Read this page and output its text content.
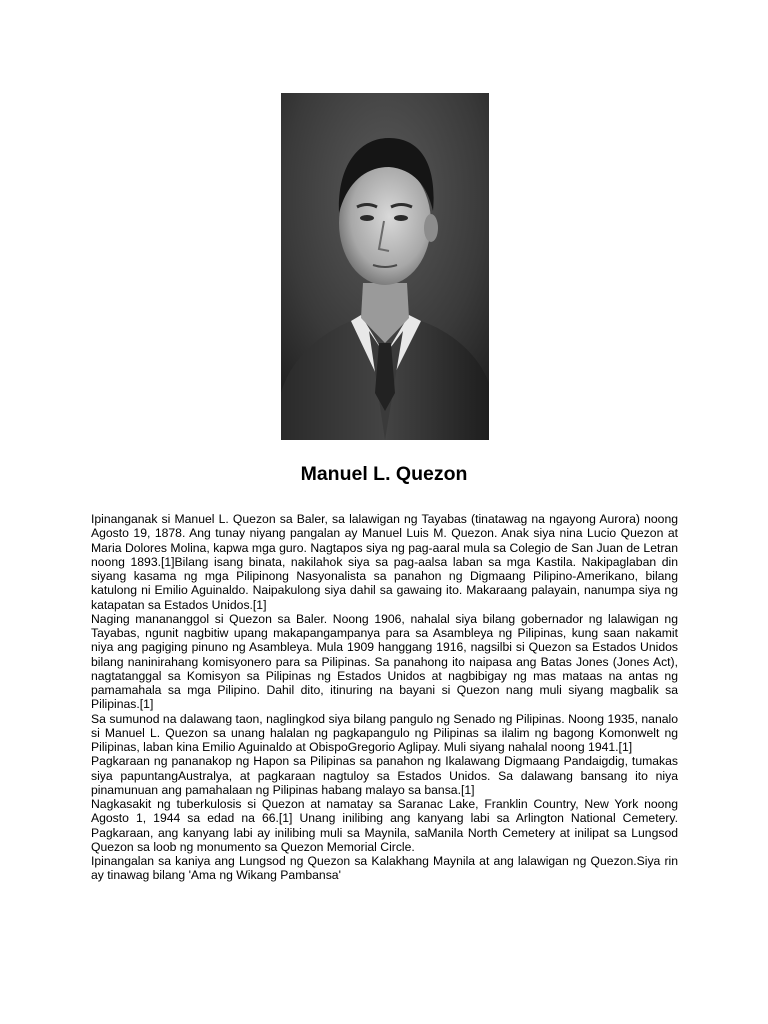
Manuel L. Quezon

Ipinanganak si Manuel L. Quezon sa Baler, sa lalawigan ng Tayabas (tinatawag na ngayong Aurora) noong Agosto 19, 1878. Ang tunay niyang pangalan ay Manuel Luis M. Quezon. Anak siya nina Lucio Quezon at Maria Dolores Molina, kapwa mga guro. Nagtapos siya ng pag-aaral mula sa Colegio de San Juan de Letran noong 1893.[1]Bilang isang binata, nakilahok siya sa pag-aalsa laban sa mga Kastila. Nakipaglaban din siyang kasama ng mga Pilipinong Nasyonalista sa panahon ng Digmaang Pilipino-Amerikano, bilang katulong ni Emilio Aguinaldo. Naipakulong siya dahil sa gawaing ito. Makaraang palayain, nanumpa siya ng katapatan sa Estados Unidos.[1]

Naging manananggol si Quezon sa Baler. Noong 1906, nahalal siya bilang gobernador ng lalawigan ng Tayabas, ngunit nagbitiw upang makapangampanya para sa Asambleya ng Pilipinas, kung saan nakamit niya ang pagiging pinuno ng Asambleya. Mula 1909 hanggang 1916, nagsilbi si Quezon sa Estados Unidos bilang naninirahang komisyonero para sa Pilipinas. Sa panahong ito naipasa ang Batas Jones (Jones Act), nagtatanggal sa Komisyon sa Pilipinas ng Estados Unidos at nagbibigay ng mas mataas na antas ng pamamahala sa mga Pilipino. Dahil dito, itinuring na bayani si Quezon nang muli siyang magbalik sa Pilipinas.[1]

Sa sumunod na dalawang taon, naglingkod siya bilang pangulo ng Senado ng Pilipinas. Noong 1935, nanalo si Manuel L. Quezon sa unang halalan ng pagkapangulo ng Pilipinas sa ilalim ng bagong Komonwelt ng Pilipinas, laban kina Emilio Aguinaldo at ObispoGregorio Aglipay. Muli siyang nahalal noong 1941.[1]

Pagkaraan ng pananakop ng Hapon sa Pilipinas sa panahon ng Ikalawang Digmaang Pandaigdig, tumakas siya papuntangAustralya, at pagkaraan nagtuloy sa Estados Unidos. Sa dalawang bansang ito niya pinamunuan ang pamahalaan ng Pilipinas habang malayo sa bansa.[1]

Nagkasakit ng tuberkulosis si Quezon at namatay sa Saranac Lake, Franklin Country, New York noong Agosto 1, 1944 sa edad na 66.[1] Unang inilibing ang kanyang labi sa Arlington National Cemetery. Pagkaraan, ang kanyang labi ay inilibing muli sa Maynila, saManila North Cemetery at inilipat sa Lungsod Quezon sa loob ng monumento sa Quezon Memorial Circle.

Ipinangalan sa kaniya ang Lungsod ng Quezon sa Kalakhang Maynila at ang lalawigan ng Quezon.Siya rin ay tinawag bilang 'Ama ng Wikang Pambansa'
